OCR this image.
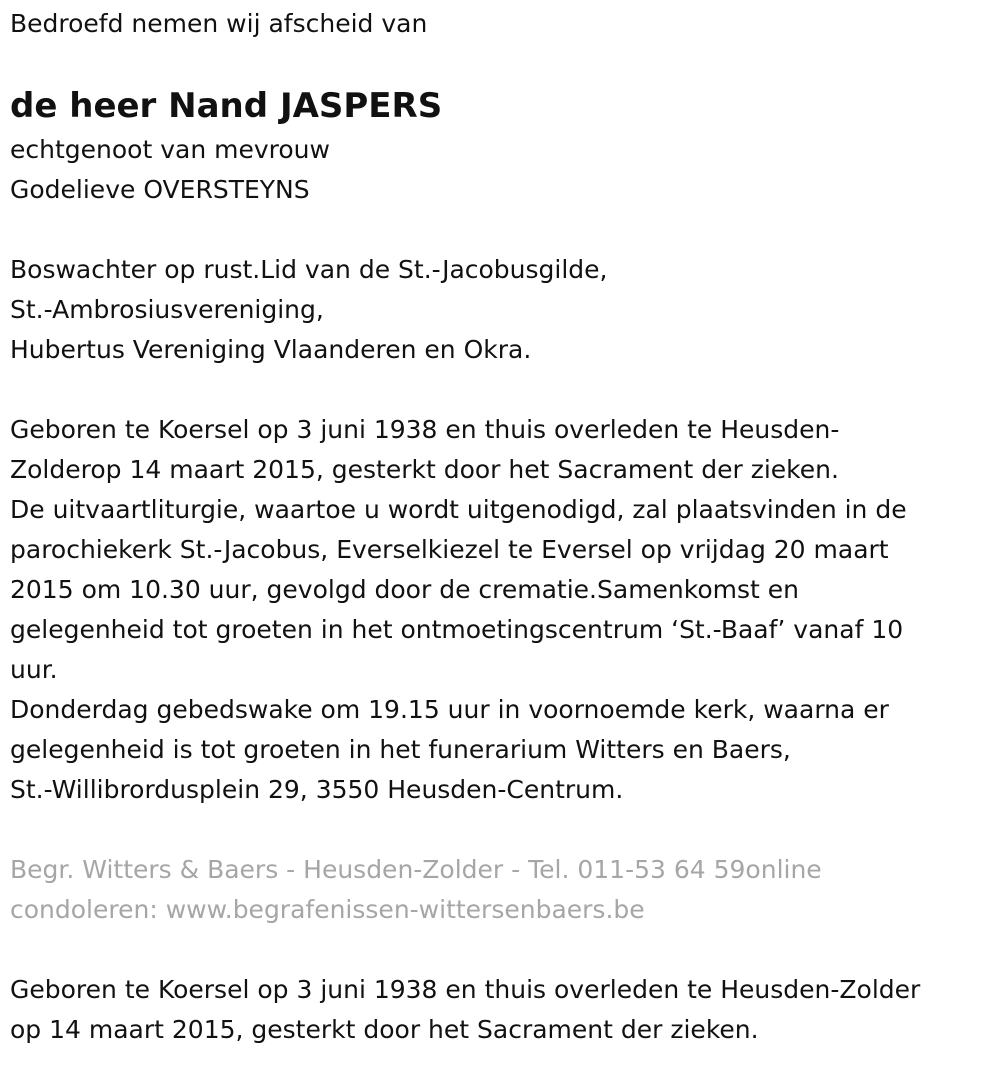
Bedroefd nemen wij afscheid van
de heer Nand JASPERS
echtgenoot van mevrouw
Godelieve OVERSTEYNS
Boswachter op rust.Lid van de St.-Jacobusgilde,
St.-Ambrosiusvereniging,
Hubertus Vereniging Vlaanderen en Okra.
Geboren te Koersel op 3 juni 1938 en thuis overleden te Heusden-
Zolderop 14 maart 2015, gesterkt door het Sacrament der zieken.
De uitvaartliturgie, waartoe u wordt uitgenodigd, zal plaatsvinden in de
parochiekerk St.-Jacobus, Everselkiezel te Eversel op vrijdag 20 maart
2015 om 10.30 uur, gevolgd door de crematie.Samenkomst en
gelegenheid tot groeten in het ontmoetingscentrum ‘St.-Baaf’ vanaf 10
uur.
Donderdag gebedswake om 19.15 uur in voornoemde kerk, waarna er
gelegenheid is tot groeten in het funerarium Witters en Baers,
St.-Willibrordusplein 29, 3550 Heusden-Centrum.
Begr. Witters & Baers - Heusden-Zolder - Tel. 011-53 64 59online
condoleren: www.begrafenissen-wittersenbaers.be
Geboren te Koersel op 3 juni 1938 en thuis overleden te Heusden-Zolder
op 14 maart 2015, gesterkt door het Sacrament der zieken.
